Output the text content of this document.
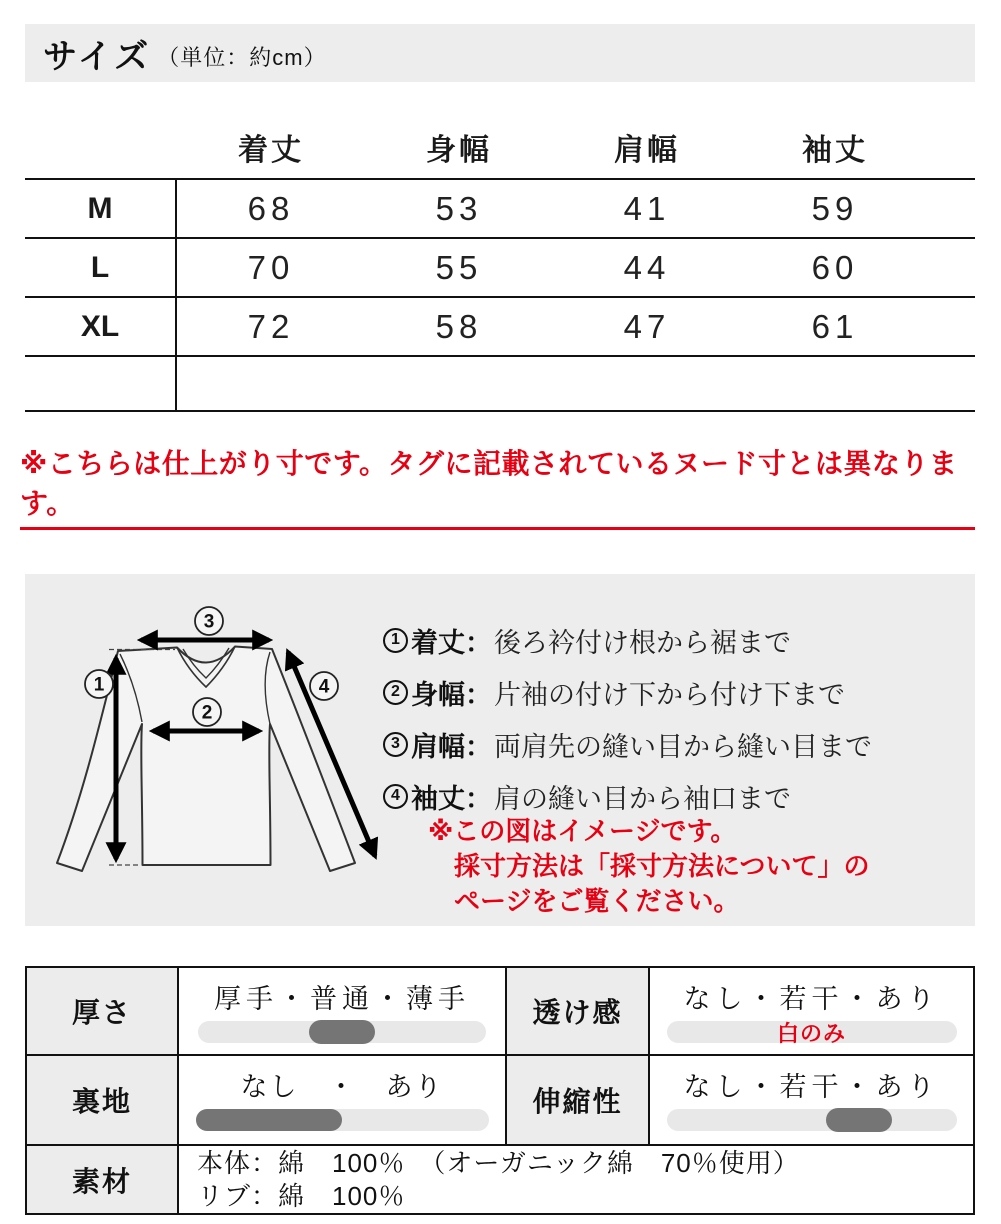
サイズ （単位：約cm）
着丈	身幅	肩幅	袖丈
M	68	53	41	59
L	70	55	44	60
XL	72	58	47	61
※こちらは仕上がり寸です。タグに記載されているヌード寸とは異なります。
3
1
2
4
1 着丈 ： 後ろ衿付け根から裾まで
2 身幅 ： 片袖の付け下から付け下まで
3 肩幅 ： 両肩先の縫い目から縫い目まで
4 袖丈 ： 肩の縫い目から袖口まで
※この図はイメージです。
採寸方法は「採寸方法について」の
ページをご覧ください。
厚さ	厚手・普通・薄手	透け感	なし・若干・あり
白のみ
裏地	なし　・　あり	伸縮性	なし・若干・あり
素材
本体：綿　100％　（オーガニック綿　70％使用）
リブ：綿　100％
